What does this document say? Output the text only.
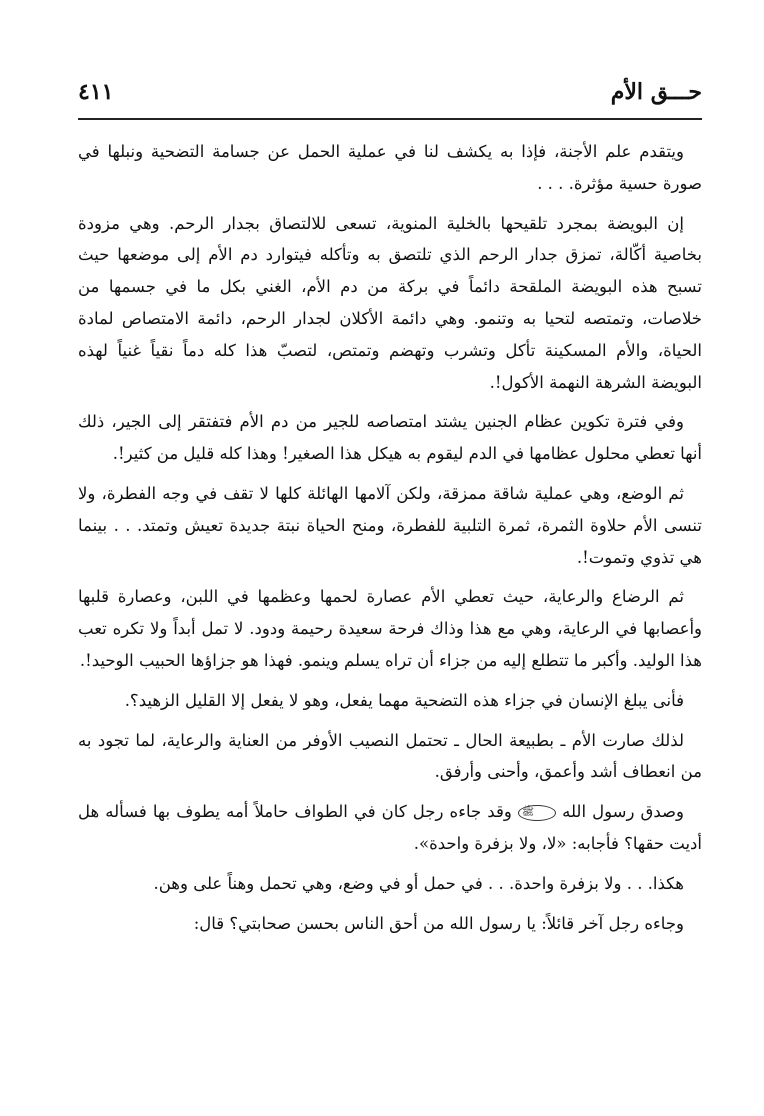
حـــق الأم
٤١١

ويتقدم علم الأجنة، فإذا به يكشف لنا في عملية الحمل عن جسامة التضحية ونبلها في صورة حسية مؤثرة. . . .

إن البويضة بمجرد تلقيحها بالخلية المنوية، تسعى للالتصاق بجدار الرحم. وهي مزودة بخاصية أكّالة، تمزق جدار الرحم الذي تلتصق به وتأكله فيتوارد دم الأم إلى موضعها حيث تسبح هذه البويضة الملقحة دائماً في بركة من دم الأم، الغني بكل ما في جسمها من خلاصات، وتمتصه لتحيا به وتنمو. وهي دائمة الأكلان لجدار الرحم، دائمة الامتصاص لمادة الحياة، والأم المسكينة تأكل وتشرب وتهضم وتمتص، لتصبّ هذا كله دماً نقياً غنياً لهذه البويضة الشرهة النهمة الأكول!.

وفي فترة تكوين عظام الجنين يشتد امتصاصه للجير من دم الأم فتفتقر إلى الجير، ذلك أنها تعطي محلول عظامها في الدم ليقوم به هيكل هذا الصغير! وهذا كله قليل من كثير!.

ثم الوضع، وهي عملية شاقة ممزقة، ولكن آلامها الهائلة كلها لا تقف في وجه الفطرة، ولا تنسى الأم حلاوة الثمرة، ثمرة التلبية للفطرة، ومنح الحياة نبتة جديدة تعيش وتمتد. . . بينما هي تذوي وتموت!.

ثم الرضاع والرعاية، حيث تعطي الأم عصارة لحمها وعظمها في اللبن، وعصارة قلبها وأعصابها في الرعاية، وهي مع هذا وذاك فرحة سعيدة رحيمة ودود. لا تمل أبداً ولا تكره تعب هذا الوليد. وأكبر ما تتطلع إليه من جزاء أن تراه يسلم وينمو. فهذا هو جزاؤها الحبيب الوحيد!.

فأنى يبلغ الإنسان في جزاء هذه التضحية مهما يفعل، وهو لا يفعل إلا القليل الزهيد؟.

لذلك صارت الأم ـ بطبيعة الحال ـ تحتمل النصيب الأوفر من العناية والرعاية، لما تجود به من انعطاف أشد وأعمق، وأحنى وأرفق.

وصدق رسول الله ﷺ وقد جاءه رجل كان في الطواف حاملاً أمه يطوف بها فسأله هل أديت حقها؟ فأجابه: «لا، ولا بزفرة واحدة».

هكذا. . . ولا بزفرة واحدة. . . في حمل أو في وضع، وهي تحمل وهناً على وهن.

وجاءه رجل آخر قائلاً: يا رسول الله من أحق الناس بحسن صحابتي؟ قال:
